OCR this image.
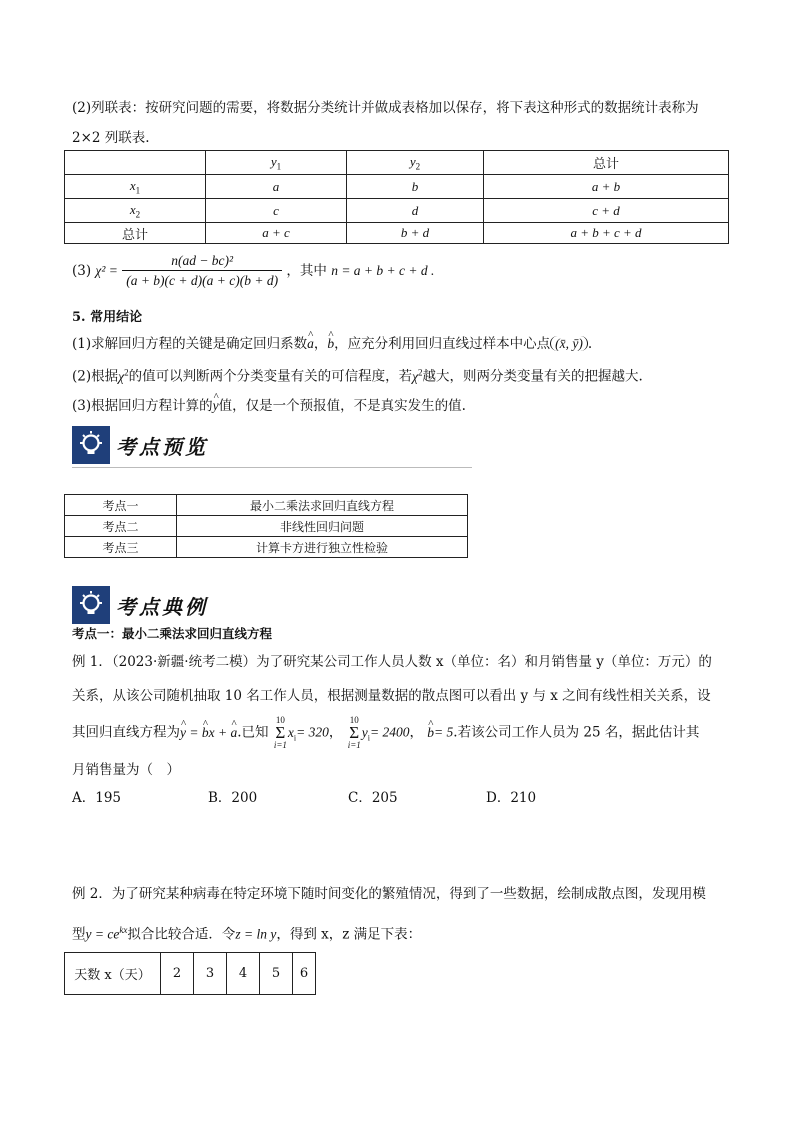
(2)列联表：按研究问题的需要，将数据分类统计并做成表格加以保存，将下表这种形式的数据统计表称为
2×2 列联表.
	$y_1$	$y_2$	总计
$x_1$	a	b	a + b
$x_2$	c	d	c + d
总计	a + c	b + d	a + b + c + d
(3) $\chi^2 = \frac{\text{n(ad − bc)²}}{(a + b)(c + d)(a + c)(b + d)}$ ，其中 n = a + b + c + d .
5. 常用结论
(1)求解回归方程的关键是确定回归系数^ a，^ b，应充分利用回归直线过样本中心点 (x̄, ȳ) .
(2)根据$\chi^2$的值可以判断两个分类变量有关的可信程度，若$\chi^2$越大，则两分类变量有关的把握越大.
(3)根据回归方程计算的^ y值，仅是一个预报值，不是真实发生的值.
考点预览
考点一	最小二乘法求回归直线方程
考点二	非线性回归问题
考点三	计算卡方进行独立性检验
考点典例
考点一：最小二乘法求回归直线方程
例 1．（2023·新疆·统考二模）为了研究某公司工作人员人数 x（单位：名）和月销售量 y（单位：万元）的
关系，从该公司随机抽取 10 名工作人员，根据测量数据的散点图可以看出 y 与 x 之间有线性相关关系，设
其回归直线方程为^ y = ^ bx + ^ a.已知 10
Σ
$i=1x_i= 320$， 10
Σ
$i=1y_i= 2400$， ^ b= 5.若该公司工作人员为 25 名，据此估计其
月销售量为（　）
A．195	B．200	C．205	D．210
例 2．为了研究某种病毒在特定环境下随时间变化的繁殖情况，得到了一些数据，绘制成散点图，发现用模
型$y = ce^{kx}$拟合比较合适．令z = ln y，得到 x，z 满足下表：
天数 x（天）	2	3	4	5	6
